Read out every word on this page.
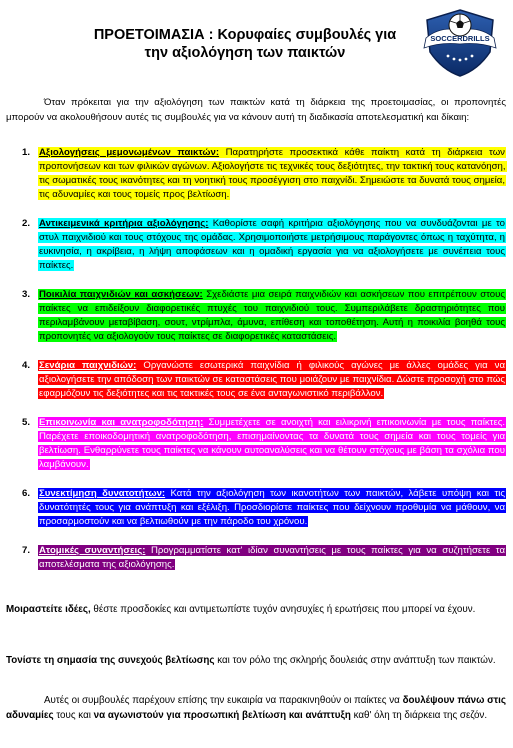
ΠΡΟΕΤΟΙΜΑΣΙΑ : Κορυφαίες συμβουλές για
την αξιολόγηση των παικτών
SOCCERDRILLS
Όταν πρόκειται για την αξιολόγηση των παικτών κατά τη διάρκεια της προετοιμασίας, οι προπονητές μπορούν να ακολουθήσουν αυτές τις συμβουλές για να κάνουν αυτή τη διαδικασία αποτελεσματική και δίκαιη:
1. Αξιολογήσεις μεμονωμένων παικτών: Παρατηρήστε προσεκτικά κάθε παίκτη κατά τη διάρκεια των προπονήσεων και των φιλικών αγώνων. Αξιολογήστε τις τεχνικές τους δεξιότητες, την τακτική τους κατανόηση, τις σωματικές τους ικανότητες και τη νοητική τους προσέγγιση στο παιχνίδι. Σημειώστε τα δυνατά τους σημεία, τις αδυναμίες και τους τομείς προς βελτίωση.
2. Αντικειμενικά κριτήρια αξιολόγησης: Καθορίστε σαφή κριτήρια αξιολόγησης που να συνδυάζονται με το στυλ παιχνιδιού και τους στόχους της ομάδας. Χρησιμοποιήστε μετρήσιμους παράγοντες όπως η ταχύτητα, η ευκινησία, η ακρίβεια, η λήψη αποφάσεων και η ομαδική εργασία για να αξιολογήσετε με συνέπεια τους παίκτες.
3. Ποικιλία παιχνιδιών και ασκήσεων: Σχεδιάστε μια σειρά παιχνιδιών και ασκήσεων που επιτρέπουν στους παίκτες να επιδείξουν διαφορετικές πτυχές του παιχνιδιού τους. Συμπεριλάβετε δραστηριότητες που περιλαμβάνουν μεταβίβαση, σουτ, ντρίμπλα, άμυνα, επίθεση και τοποθέτηση. Αυτή η ποικιλία βοηθά τους προπονητές να αξιολογούν τους παίκτες σε διαφορετικές καταστάσεις.
4. Σενάρια παιχνιδιών: Οργανώστε εσωτερικά παιχνίδια ή φιλικούς αγώνες με άλλες ομάδες για να αξιολογήσετε την απόδοση των παικτών σε καταστάσεις που μοιάζουν με παιχνίδια. Δώστε προσοχή στο πώς εφαρμόζουν τις δεξιότητες και τις τακτικές τους σε ένα ανταγωνιστικό περιβάλλον.
5. Επικοινωνία και ανατροφοδότηση: Συμμετέχετε σε ανοιχτή και ειλικρινή επικοινωνία με τους παίκτες. Παρέχετε εποικοδομητική ανατροφοδότηση, επισημαίνοντας τα δυνατά τους σημεία και τους τομείς για βελτίωση. Ενθαρρύνετε τους παίκτες να κάνουν αυτοαναλύσεις και να θέτουν στόχους με βάση τα σχόλια που λαμβάνουν.
6. Συνεκτίμηση δυνατοτήτων: Κατά την αξιολόγηση των ικανοτήτων των παικτών, λάβετε υπόψη και τις δυνατότητές τους για ανάπτυξη και εξέλιξη. Προσδιορίστε παίκτες που δείχνουν προθυμία να μάθουν, να προσαρμοστούν και να βελτιωθούν με την πάροδο του χρόνου.
7. Ατομικές συναντήσεις: Προγραμματίστε κατ' ιδίαν συναντήσεις με τους παίκτες για να συζητήσετε τα αποτελέσματα της αξιολόγησης.
Μοιραστείτε ιδέες, θέστε προσδοκίες και αντιμετωπίστε τυχόν ανησυχίες ή ερωτήσεις που μπορεί να έχουν.
Τονίστε τη σημασία της συνεχούς βελτίωσης και τον ρόλο της σκληρής δουλειάς στην ανάπτυξη των παικτών.
Αυτές οι συμβουλές παρέχουν επίσης την ευκαιρία να παρακινηθούν οι παίκτες να δουλέψουν πάνω στις αδυναμίες τους και να αγωνιστούν για προσωπική βελτίωση και ανάπτυξη καθ' όλη τη διάρκεια της σεζόν.
